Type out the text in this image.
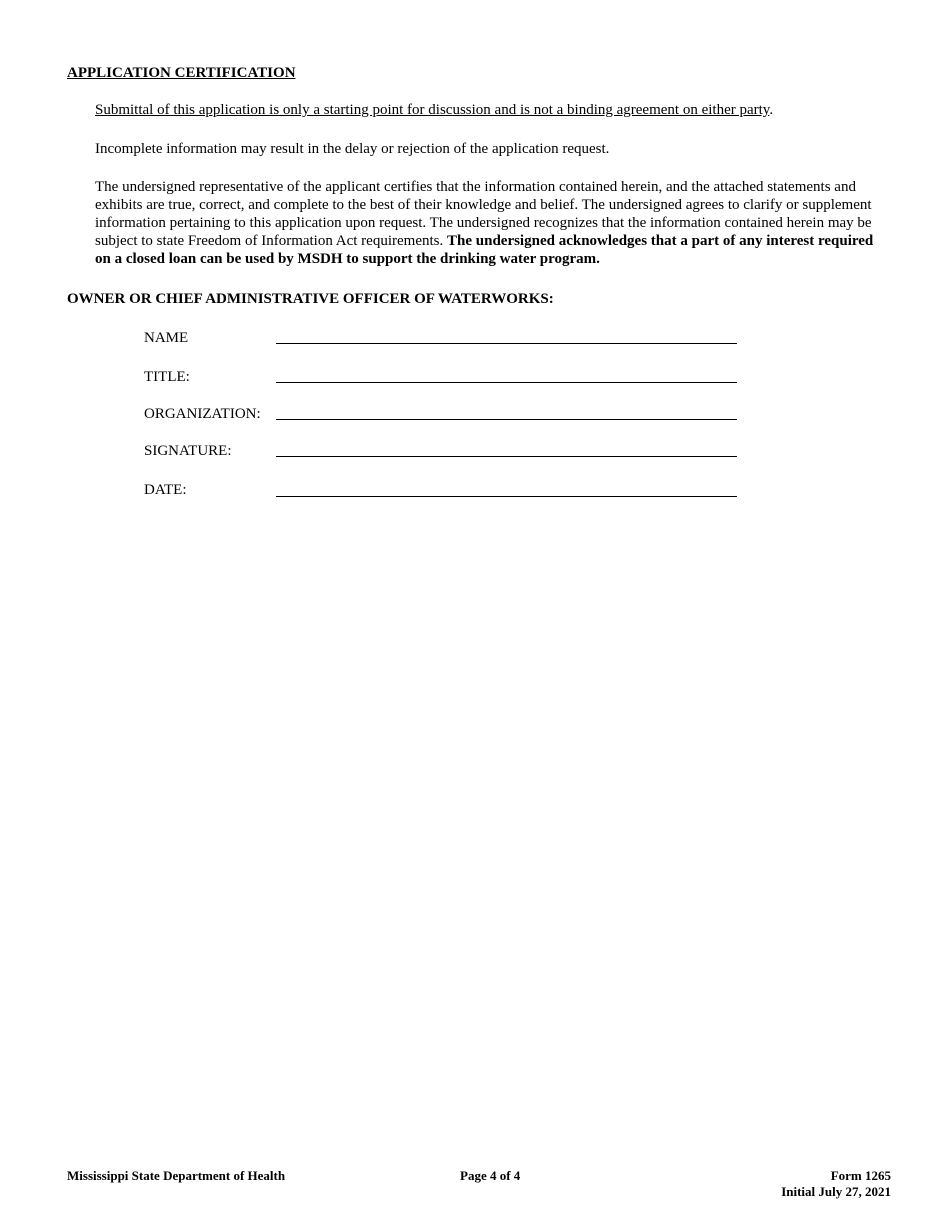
APPLICATION CERTIFICATION
Submittal of this application is only a starting point for discussion and is not a binding agreement on either party.
Incomplete information may result in the delay or rejection of the application request.
The undersigned representative of the applicant certifies that the information contained herein, and the attached statements and exhibits are true, correct, and complete to the best of their knowledge and belief. The undersigned agrees to clarify or supplement information pertaining to this application upon request. The undersigned recognizes that the information contained herein may be subject to state Freedom of Information Act requirements. The undersigned acknowledges that a part of any interest required on a closed loan can be used by MSDH to support the drinking water program.
OWNER OR CHIEF ADMINISTRATIVE OFFICER OF WATERWORKS:
NAME
TITLE:
ORGANIZATION:
SIGNATURE:
DATE:
Mississippi State Department of Health	Page 4 of 4	Form 1265
Initial July 27, 2021
